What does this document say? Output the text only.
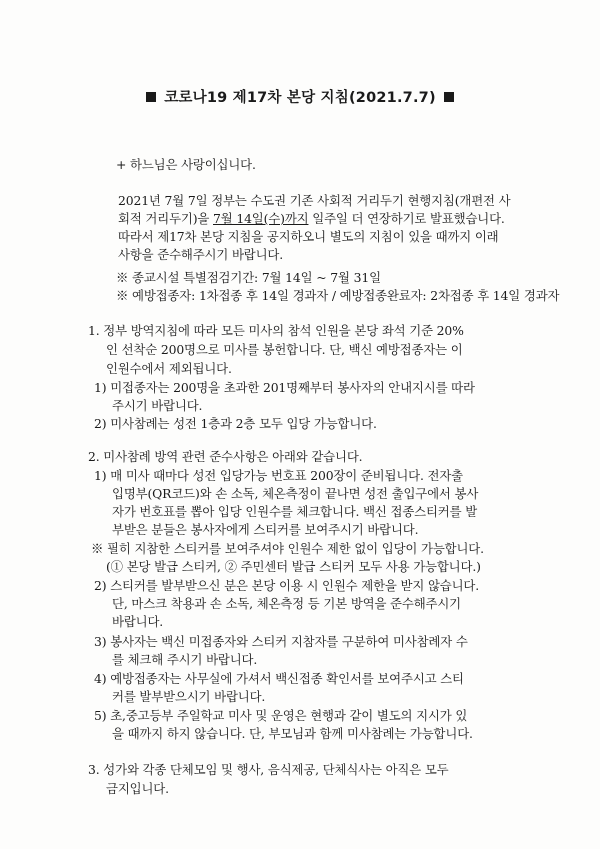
코로나19 제17차 본당 지침(2021.7.7)
+ 하느님은 사랑이십니다.
2021년 7월 7일 정부는 수도권 기존 사회적 거리두기 현행지침(개편전 사
회적 거리두기)을 7월 14일(수)까지 일주일 더 연장하기로 발표했습니다.
따라서 제17차 본당 지침을 공지하오니 별도의 지침이 있을 때까지 이래
사항을 준수해주시기 바랍니다.
※ 종교시설 특별점검기간: 7월 14일 ~ 7월 31일
※ 예방접종자: 1차접종 후 14일 경과자 / 예방접종완료자: 2차접종 후 14일 경과자
1. 정부 방역지침에 따라 모든 미사의 참석 인원을 본당 좌석 기준 20%
인 선착순 200명으로 미사를 봉헌합니다. 단, 백신 예방접종자는 이
인원수에서 제외됩니다.
1) 미접종자는 200명을 초과한 201명째부터 봉사자의 안내지시를 따라
주시기 바랍니다.
2) 미사참례는 성전 1층과 2층 모두 입당 가능합니다.
2. 미사참례 방역 관련 준수사항은 아래와 같습니다.
1) 매 미사 때마다 성전 입당가능 번호표 200장이 준비됩니다. 전자출
입명부(QR코드)와 손 소독, 체온측정이 끝나면 성전 출입구에서 봉사
자가 번호표를 뽑아 입당 인원수를 체크합니다. 백신 접종스티커를 발
부받은 분들은 봉사자에게 스티커를 보여주시기 바랍니다.
※ 필히 지참한 스티커를 보여주셔야 인원수 제한 없이 입당이 가능합니다.
(① 본당 발급 스티커, ② 주민센터 발급 스티커 모두 사용 가능합니다.)
2) 스티커를 발부받으신 분은 본당 이용 시 인원수 제한을 받지 않습니다.
단, 마스크 착용과 손 소독, 체온측정 등 기본 방역을 준수해주시기
바랍니다.
3) 봉사자는 백신 미접종자와 스티커 지참자를 구분하여 미사참례자 수
를 체크해 주시기 바랍니다.
4) 예방접종자는 사무실에 가셔서 백신접종 확인서를 보여주시고 스티
커를 발부받으시기 바랍니다.
5) 초,중고등부 주일학교 미사 및 운영은 현행과 같이 별도의 지시가 있
을 때까지 하지 않습니다. 단, 부모님과 함께 미사참례는 가능합니다.
3. 성가와 각종 단체모임 및 행사, 음식제공, 단체식사는 아직은 모두
금지입니다.
